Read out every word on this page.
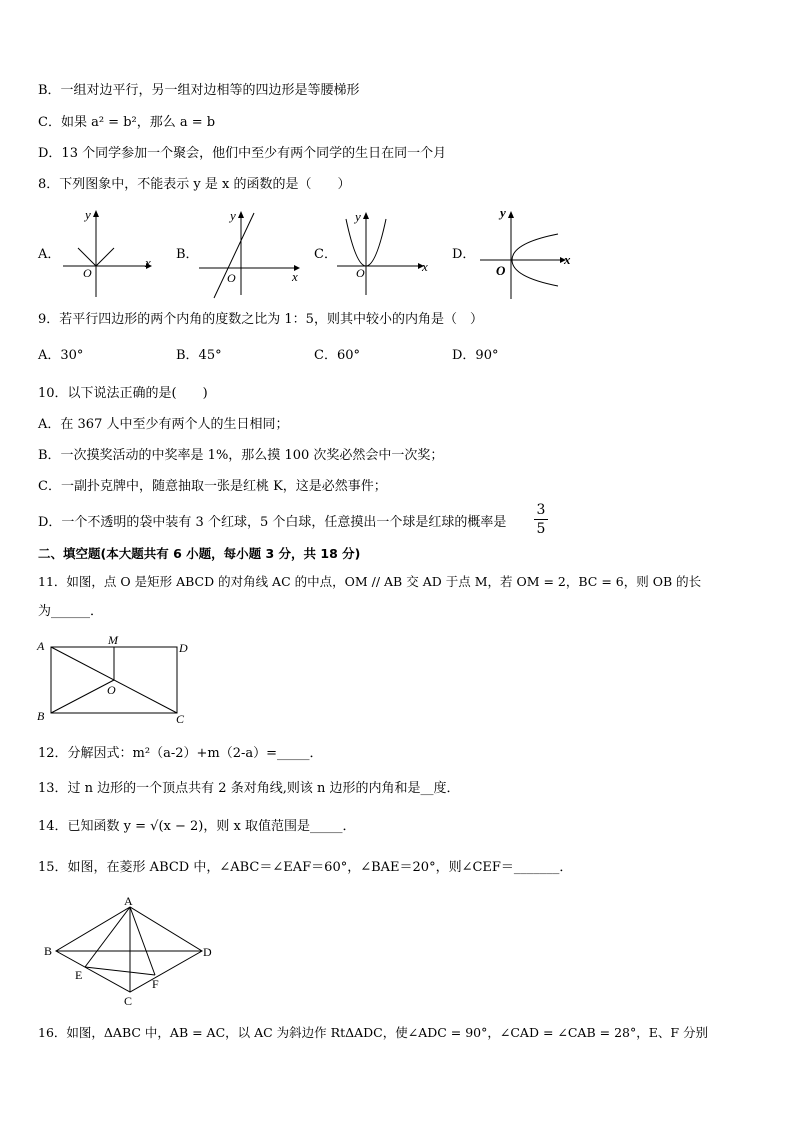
B．一组对边平行，另一组对边相等的四边形是等腰梯形
C．如果 a² = b²，那么 a = b
D．13 个同学参加一个聚会，他们中至少有两个同学的生日在同一个月
8．下列图象中，不能表示 y 是 x 的函数的是（　　）
A．
x
y
O
B．
x
y
O
C．
x
y
O
D．	x
y
O
9．若平行四边形的两个内角的度数之比为 1：5，则其中较小的内角是（　）
A．30°	B．45°	C．60°	D．90°
10．以下说法正确的是(　　)
A．在 367 人中至少有两个人的生日相同；
B．一次摸奖活动的中奖率是 1%，那么摸 100 次奖必然会中一次奖；
C．一副扑克牌中，随意抽取一张是红桃 K，这是必然事件；
D．一个不透明的袋中装有 3 个红球，5 个白球，任意摸出一个球是红球的概率是
3
5
二、填空题(本大题共有 6 小题，每小题 3 分，共 18 分)
11．如图，点 O 是矩形 ABCD 的对角线 AC 的中点，OM // AB 交 AD 于点 M，若 OM = 2，BC = 6，则 OB 的长
为______．
A	M
D
O
B	C
12．分解因式：m²（a-2）+m（2-a）=_____．
13．过 n 边形的一个顶点共有 2 条对角线,则该 n 边形的内角和是__度．
14．已知函数 y = √(x − 2)，则 x 取值范围是_____．
15．如图，在菱形 ABCD 中，∠ABC＝∠EAF＝60°，∠BAE＝20°，则∠CEF＝_______．
A
B	D
E
F
C
16．如图，ΔABC 中，AB = AC，以 AC 为斜边作 RtΔADC，使∠ADC = 90°，∠CAD = ∠CAB = 28°，E、F 分别
